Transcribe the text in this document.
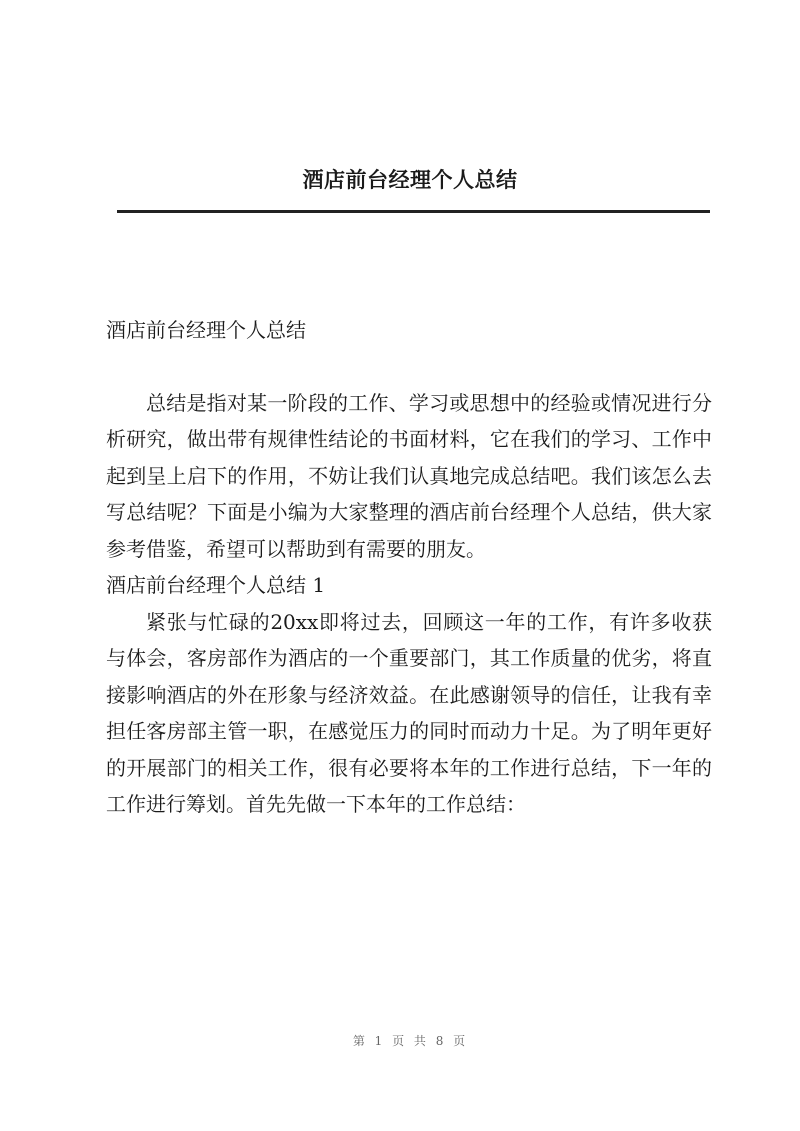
酒店前台经理个人总结

酒店前台经理个人总结

总结是指对某一阶段的工作、学习或思想中的经验或情况进行分析研究，做出带有规律性结论的书面材料，它在我们的学习、工作中起到呈上启下的作用，不妨让我们认真地完成总结吧。我们该怎么去写总结呢？下面是小编为大家整理的酒店前台经理个人总结，供大家参考借鉴，希望可以帮助到有需要的朋友。

酒店前台经理个人总结 1

紧张与忙碌的20xx即将过去，回顾这一年的工作，有许多收获与体会，客房部作为酒店的一个重要部门，其工作质量的优劣，将直接影响酒店的外在形象与经济效益。在此感谢领导的信任，让我有幸担任客房部主管一职，在感觉压力的同时而动力十足。为了明年更好的开展部门的相关工作，很有必要将本年的工作进行总结，下一年的工作进行筹划。首先先做一下本年的工作总结：

第 1 页 共 8 页
